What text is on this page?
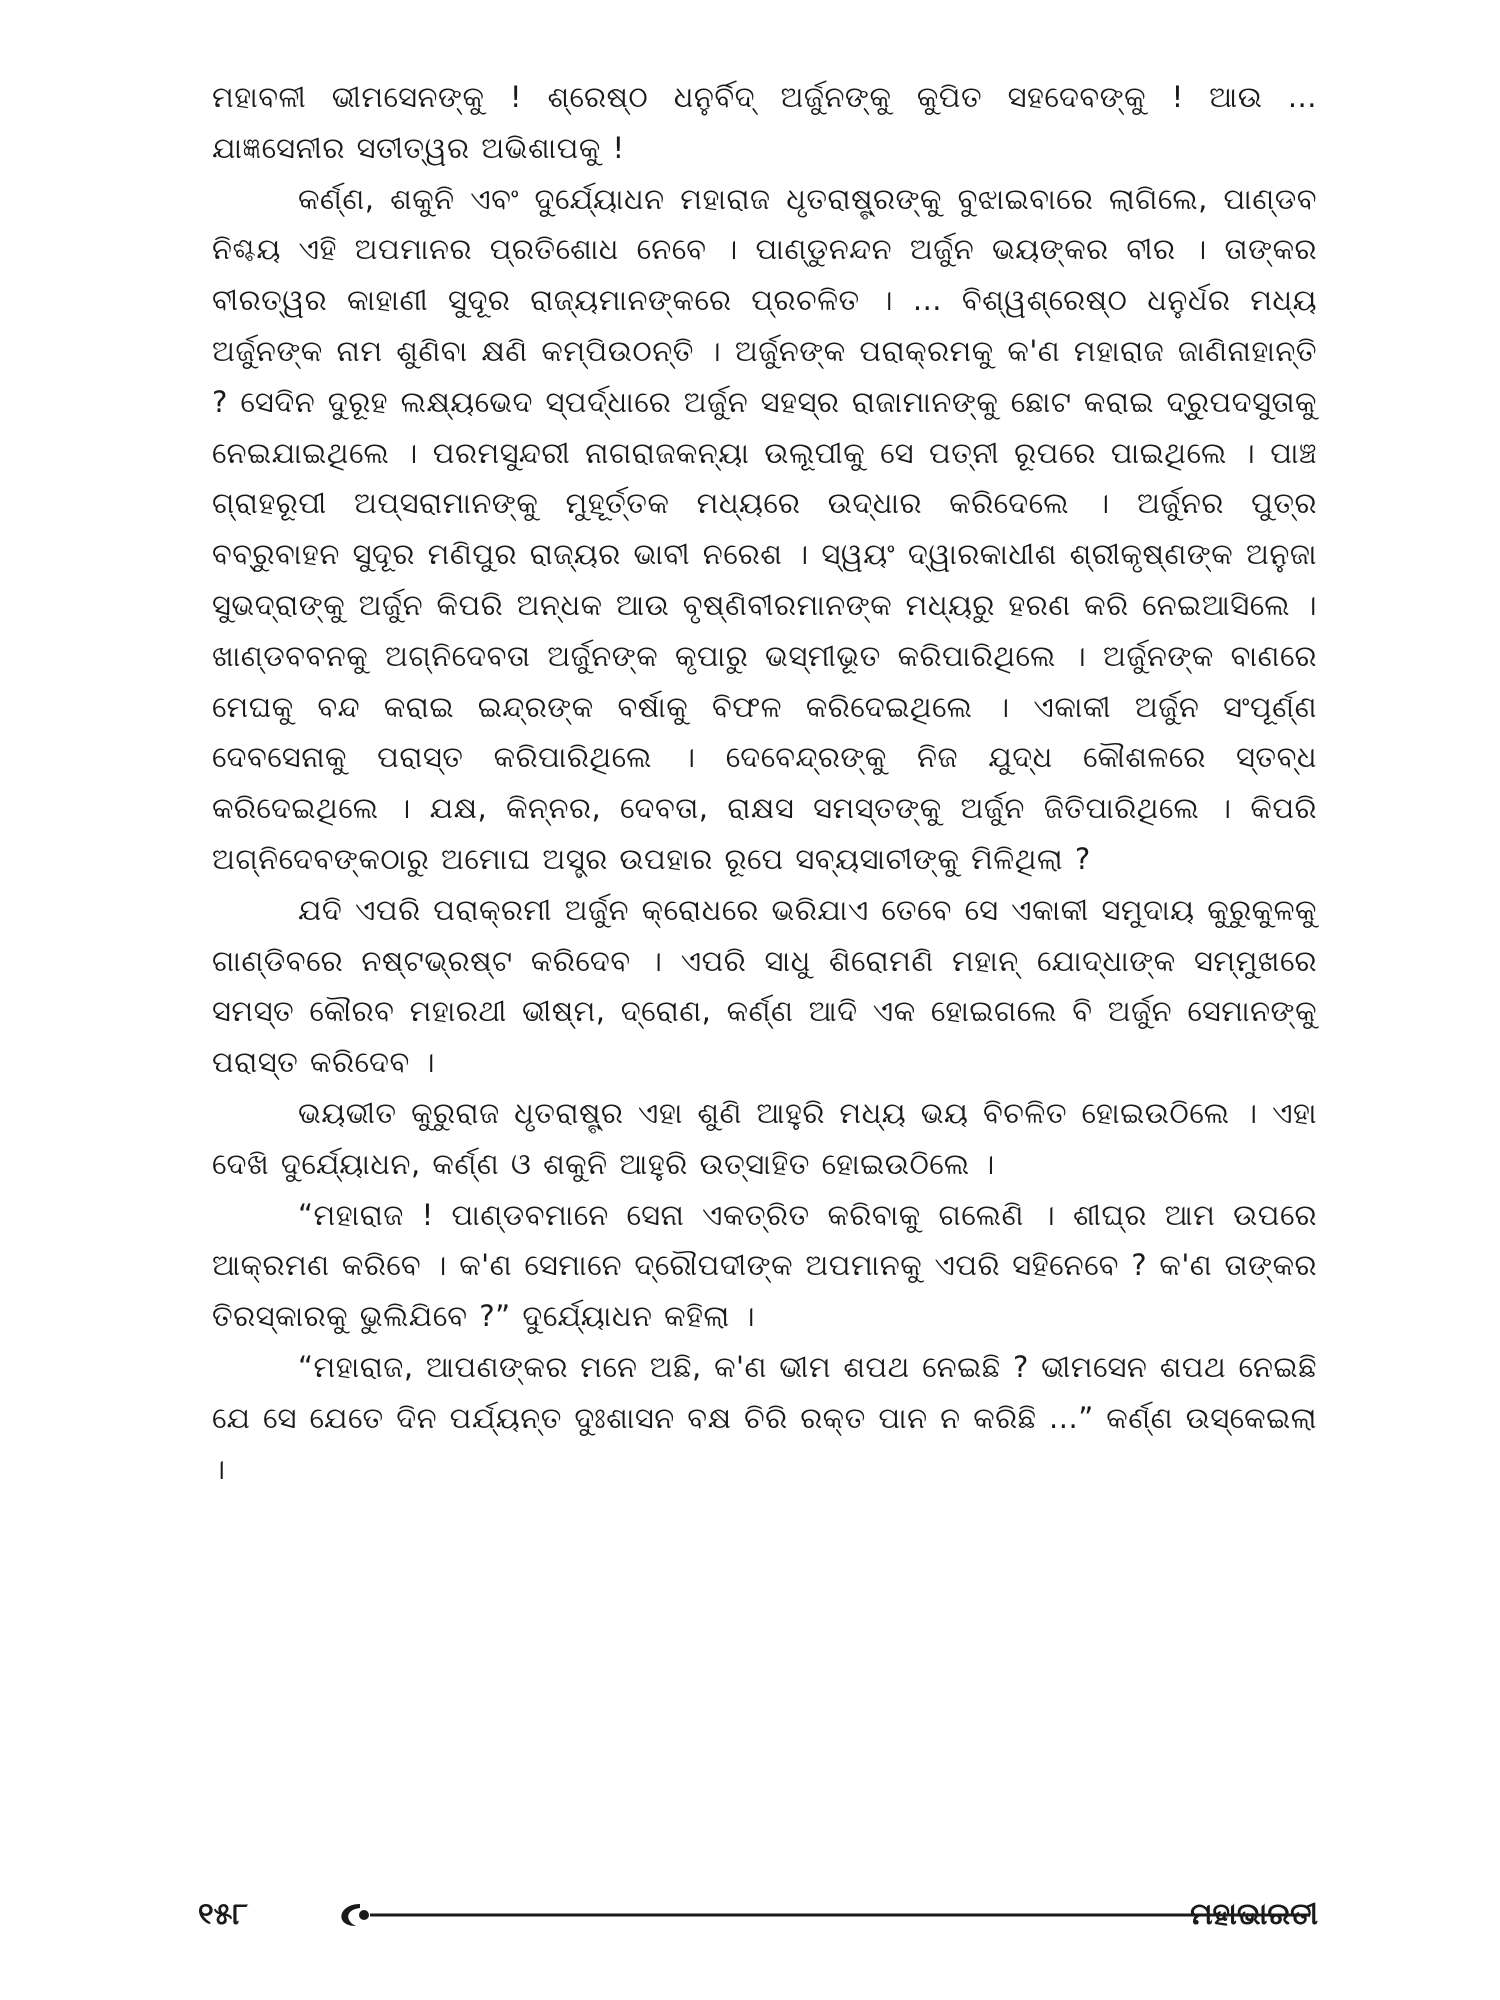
ମହାବଳୀ ଭୀମସେନଙ୍କୁ ! ଶ୍ରେଷ୍ଠ ଧନୁର୍ବିଦ୍ ଅର୍ଜୁନଙ୍କୁ କୁପିତ ସହଦେବଙ୍କୁ ! ଆଉ ... ଯାଜ୍ଞସେନୀର ସତୀତ୍ୱର ଅଭିଶାପକୁ !

କର୍ଣ୍ଣ, ଶକୁନି ଏବଂ ଦୁର୍ଯ୍ୟୋଧନ ମହାରାଜ ଧୃତରାଷ୍ଟ୍ରଙ୍କୁ ବୁଝାଇବାରେ ଲାଗିଲେ, ପାଣ୍ଡବ ନିଶ୍ଚୟ ଏହି ଅପମାନର ପ୍ରତିଶୋଧ ନେବେ । ପାଣ୍ଡୁନନ୍ଦନ ଅର୍ଜୁନ ଭୟଙ୍କର ବୀର । ତାଙ୍କର ବୀରତ୍ୱର କାହାଣୀ ସୁଦୂର ରାଜ୍ୟମାନଙ୍କରେ ପ୍ରଚଳିତ । ... ବିଶ୍ୱଶ୍ରେଷ୍ଠ ଧନୁର୍ଧର ମଧ୍ୟ ଅର୍ଜୁନଙ୍କ ନାମ ଶୁଣିବା କ୍ଷଣି କମ୍ପିଉଠନ୍ତି । ଅର୍ଜୁନଙ୍କ ପରାକ୍ରମକୁ କ'ଣ ମହାରାଜ ଜାଣିନାହାନ୍ତି ? ସେଦିନ ଦୁରୂହ ଲକ୍ଷ୍ୟଭେଦ ସ୍ପର୍ଦ୍ଧାରେ ଅର୍ଜୁନ ସହସ୍ର ରାଜାମାନଙ୍କୁ ଛୋଟ କରାଇ ଦ୍ରୁପଦସୁତାକୁ ନେଇଯାଇଥିଲେ । ପରମସୁନ୍ଦରୀ ନାଗରାଜକନ୍ୟା ଉଲୂପୀକୁ ସେ ପତ୍ନୀ ରୂପରେ ପାଇଥିଲେ । ପାଞ୍ଚ ଗ୍ରାହରୂପୀ ଅପ୍ସରାମାନଙ୍କୁ ମୁହୂର୍ତ୍ତକ ମଧ୍ୟରେ ଉଦ୍ଧାର କରିଦେଲେ । ଅର୍ଜୁନର ପୁତ୍ର ବବ୍ରୁବାହନ ସୁଦୂର ମଣିପୁର ରାଜ୍ୟର ଭାବୀ ନରେଶ । ସ୍ୱୟଂ ଦ୍ୱାରକାଧୀଶ ଶ୍ରୀକୃଷ୍ଣଙ୍କ ଅନୁଜା ସୁଭଦ୍ରାଙ୍କୁ ଅର୍ଜୁନ କିପରି ଅନ୍ଧକ ଆଉ ବୃଷ୍ଣିବୀରମାନଙ୍କ ମଧ୍ୟରୁ ହରଣ କରି ନେଇଆସିଲେ । ଖାଣ୍ଡବବନକୁ ଅଗ୍ନିଦେବତା ଅର୍ଜୁନଙ୍କ କୃପାରୁ ଭସ୍ମୀଭୂତ କରିପାରିଥିଲେ । ଅର୍ଜୁନଙ୍କ ବାଣରେ ମେଘକୁ ବନ୍ଦ କରାଇ ଇନ୍ଦ୍ରଙ୍କ ବର୍ଷାକୁ ବିଫଳ କରିଦେଇଥିଲେ । ଏକାକୀ ଅର୍ଜୁନ ସଂପୂର୍ଣ୍ଣ ଦେବସେନାକୁ ପରାସ୍ତ କରିପାରିଥିଲେ । ଦେବେନ୍ଦ୍ରଙ୍କୁ ନିଜ ଯୁଦ୍ଧ କୌଶଳରେ ସ୍ତବ୍ଧ କରିଦେଇଥିଲେ । ଯକ୍ଷ, କିନ୍ନର, ଦେବତା, ରାକ୍ଷସ ସମସ୍ତଙ୍କୁ ଅର୍ଜୁନ ଜିତିପାରିଥିଲେ । କିପରି ଅଗ୍ନିଦେବଙ୍କଠାରୁ ଅମୋଘ ଅସ୍ତ୍ର ଉପହାର ରୂପେ ସବ୍ୟସାଚୀଙ୍କୁ ମିଳିଥିଲା ?

ଯଦି ଏପରି ପରାକ୍ରମୀ ଅର୍ଜୁନ କ୍ରୋଧରେ ଭରିଯାଏ ତେବେ ସେ ଏକାକୀ ସମୁଦାୟ କୁରୁକୁଳକୁ ଗାଣ୍ଡିବରେ ନଷ୍ଟଭ୍ରଷ୍ଟ କରିଦେବ । ଏପରି ସାଧୁ ଶିରୋମଣି ମହାନ୍ ଯୋଦ୍ଧାଙ୍କ ସମ୍ମୁଖରେ ସମସ୍ତ କୌରବ ମହାରଥୀ ଭୀଷ୍ମ, ଦ୍ରୋଣ, କର୍ଣ୍ଣ ଆଦି ଏକ ହୋଇଗଲେ ବି ଅର୍ଜୁନ ସେମାନଙ୍କୁ ପରାସ୍ତ କରିଦେବ ।

ଭୟଭୀତ କୁରୁରାଜ ଧୃତରାଷ୍ଟ୍ର ଏହା ଶୁଣି ଆହୁରି ମଧ୍ୟ ଭୟ ବିଚଳିତ ହୋଇଉଠିଲେ । ଏହା ଦେଖି ଦୁର୍ଯ୍ୟୋଧନ, କର୍ଣ୍ଣ ଓ ଶକୁନି ଆହୁରି ଉତ୍ସାହିତ ହୋଇଉଠିଲେ ।

“ମହାରାଜ ! ପାଣ୍ଡବମାନେ ସେନା ଏକତ୍ରିତ କରିବାକୁ ଗଲେଣି । ଶୀଘ୍ର ଆମ ଉପରେ ଆକ୍ରମଣ କରିବେ । କ'ଣ ସେମାନେ ଦ୍ରୌପଦୀଙ୍କ ଅପମାନକୁ ଏପରି ସହିନେବେ ? କ'ଣ ତାଙ୍କର ତିରସ୍କାରକୁ ଭୁଲିଯିବେ ?” ଦୁର୍ଯ୍ୟୋଧନ କହିଲା ।

“ମହାରାଜ, ଆପଣଙ୍କର ମନେ ଅଛି, କ'ଣ ଭୀମ ଶପଥ ନେଇଛି ? ଭୀମସେନ ଶପଥ ନେଇଛି ଯେ ସେ ଯେତେ ଦିନ ପର୍ଯ୍ୟନ୍ତ ଦୁଃଶାସନ ବକ୍ଷ ଚିରି ରକ୍ତ ପାନ ନ କରିଛି ...” କର୍ଣ୍ଣ ଉସ୍କେଇଲା ।

୧୫୮	ମହାଭାରତୀ
